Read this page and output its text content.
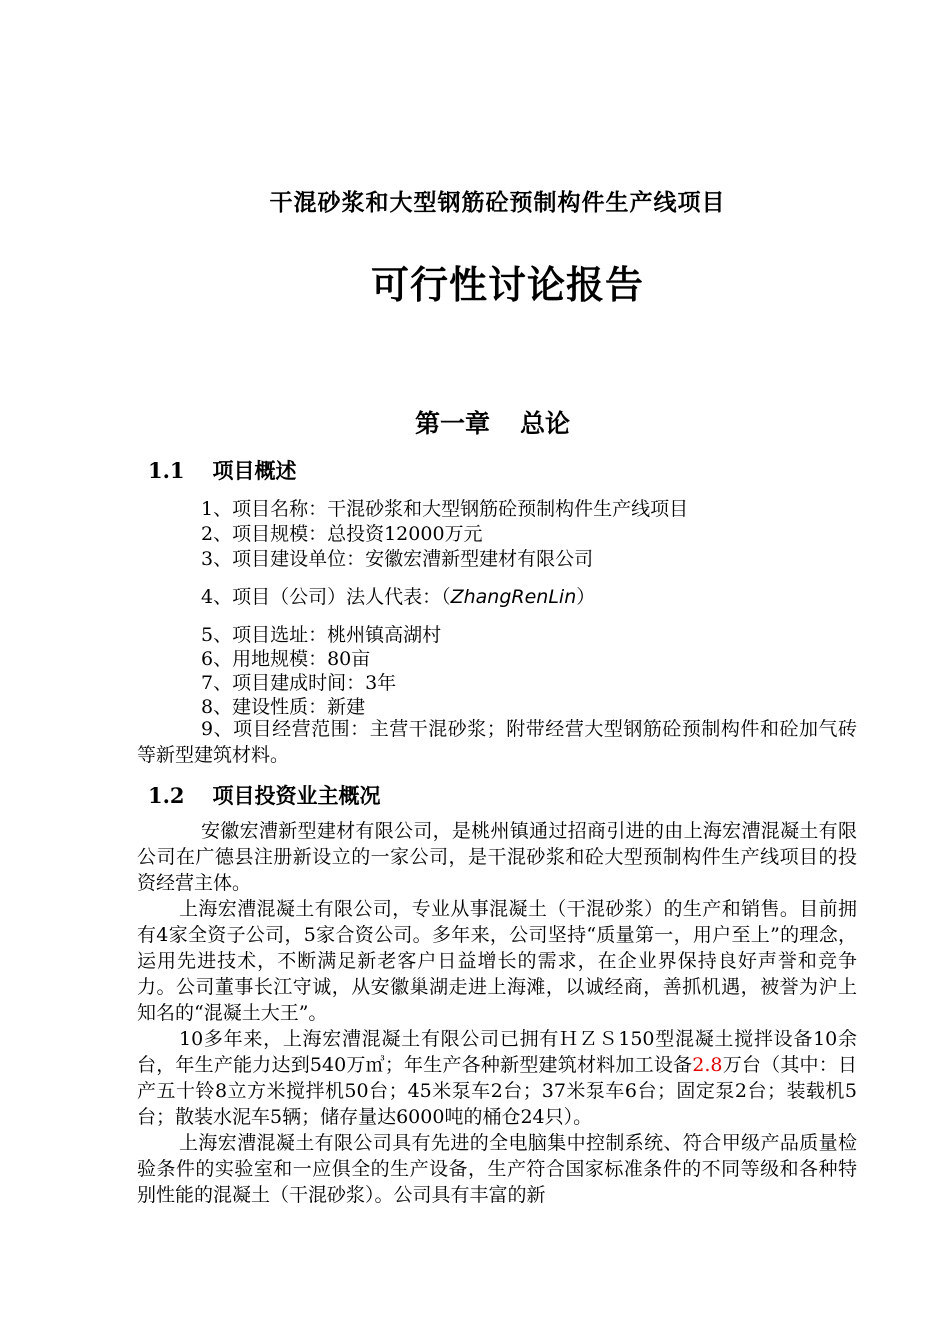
干混砂浆和大型钢筋砼预制构件生产线项目
可行性讨论报告
第一章 总论
1.1 项目概述
1、项目名称：干混砂浆和大型钢筋砼预制构件生产线项目
2、项目规模：总投资12000万元
3、项目建设单位：安徽宏漕新型建材有限公司
4、项目（公司）法人代表：（ZhangRenLin）
5、项目选址：桃州镇高湖村
6、用地规模：80亩
7、项目建成时间：3年
8、建设性质：新建

9、项目经营范围：主营干混砂浆；附带经营大型钢筋砼预制构件和砼加气砖等新型建筑材料。

1.2 项目投资业主概况

安徽宏漕新型建材有限公司，是桃州镇通过招商引进的由上海宏漕混凝土有限公司在广德县注册新设立的一家公司，是干混砂浆和砼大型预制构件生产线项目的投资经营主体。

上海宏漕混凝土有限公司，专业从事混凝土（干混砂浆）的生产和销售。目前拥有4家全资子公司，5家合资公司。多年来，公司坚持“质量第一，用户至上”的理念，运用先进技术，不断满足新老客户日益增长的需求，在企业界保持良好声誉和竞争力。公司董事长江守诚，从安徽巢湖走进上海滩，以诚经商，善抓机遇，被誉为沪上知名的“混凝土大王”。

10多年来，上海宏漕混凝土有限公司已拥有ＨＺＳ150型混凝土搅拌设备10余台，年生产能力达到540万㎥；年生产各种新型建筑材料加工设备2.8万台（其中：日产五十铃8立方米搅拌机50台；45米泵车2台；37米泵车6台；固定泵2台；装载机5台；散装水泥车5辆；储存量达6000吨的桶仓24只）。

上海宏漕混凝土有限公司具有先进的全电脑集中控制系统、符合甲级产品质量检验条件的实验室和一应俱全的生产设备，生产符合国家标准条件的不同等级和各种特别性能的混凝土（干混砂浆）。公司具有丰富的新
